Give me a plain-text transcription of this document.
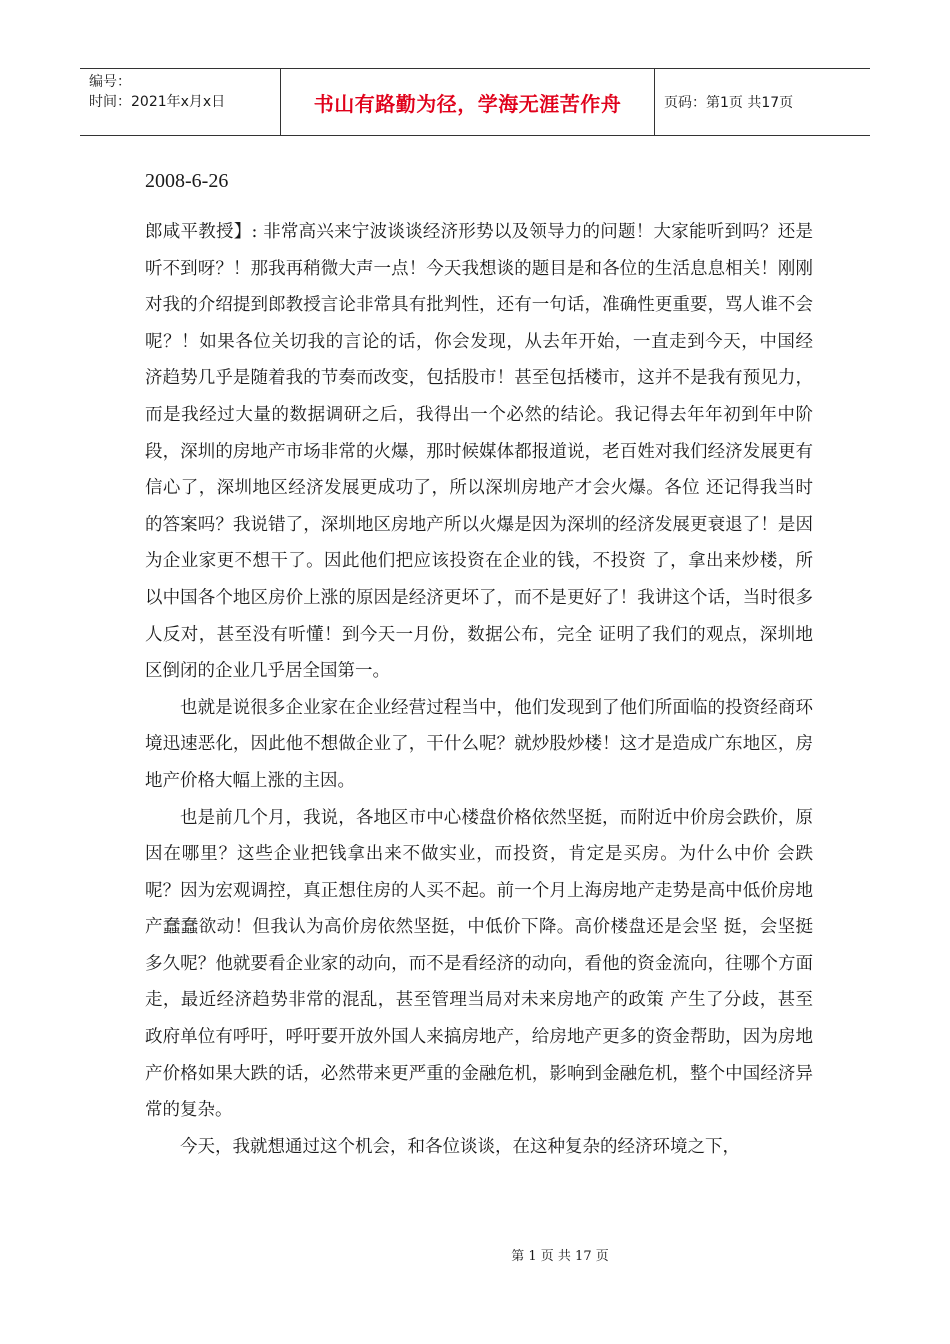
编号：
时间：2021年x月x日	书山有路勤为径，学海无涯苦作舟	页码：第1页 共17页
2008-6-26

郎咸平教授】: 非常高兴来宁波谈谈经济形势以及领导力的问题！大家能听到吗？还是听不到呀？！那我再稍微大声一点！今天我想谈的题目是和各位的生活息息相关！刚刚对我的介绍提到郎教授言论非常具有批判性，还有一句话，准确性更重要，骂人谁不会呢？！如果各位关切我的言论的话，你会发现，从去年开始，一直走到今天，中国经 济趋势几乎是随着我的节奏而改变，包括股市！甚至包括楼市，这并不是我有预见力，而是我经过大量的数据调研之后，我得出一个必然的结论。我记得去年年初到年中阶段，深圳的房地产市场非常的火爆，那时候媒体都报道说，老百姓对我们经济发展更有信心了，深圳地区经济发展更成功了，所以深圳房地产才会火爆。各位 还记得我当时的答案吗？我说错了，深圳地区房地产所以火爆是因为深圳的经济发展更衰退了！是因为企业家更不想干了。因此他们把应该投资在企业的钱，不投资 了，拿出来炒楼，所以中国各个地区房价上涨的原因是经济更坏了，而不是更好了！我讲这个话，当时很多人反对，甚至没有听懂！到今天一月份，数据公布，完全 证明了我们的观点，深圳地区倒闭的企业几乎居全国第一。

也就是说很多企业家在企业经营过程当中，他们发现到了他们所面临的投资经商环境迅速恶化，因此他不想做企业了，干什么呢？就炒股炒楼！这才是造成广东地区，房地产价格大幅上涨的主因。

也是前几个月，我说，各地区市中心楼盘价格依然坚挺，而附近中价房会跌价，原因在哪里？这些企业把钱拿出来不做实业，而投资，肯定是买房。为什么中价 会跌呢？因为宏观调控，真正想住房的人买不起。前一个月上海房地产走势是高中低价房地产蠢蠢欲动！但我认为高价房依然坚挺，中低价下降。高价楼盘还是会坚 挺，会坚挺多久呢？他就要看企业家的动向，而不是看经济的动向，看他的资金流向，往哪个方面走，最近经济趋势非常的混乱，甚至管理当局对未来房地产的政策 产生了分歧，甚至政府单位有呼吁，呼吁要开放外国人来搞房地产，给房地产更多的资金帮助，因为房地产价格如果大跌的话，必然带来更严重的金融危机，影响到金融危机，整个中国经济异常的复杂。

今天，我就想通过这个机会，和各位谈谈，在这种复杂的经济环境之下，

第 1 页 共 17 页
